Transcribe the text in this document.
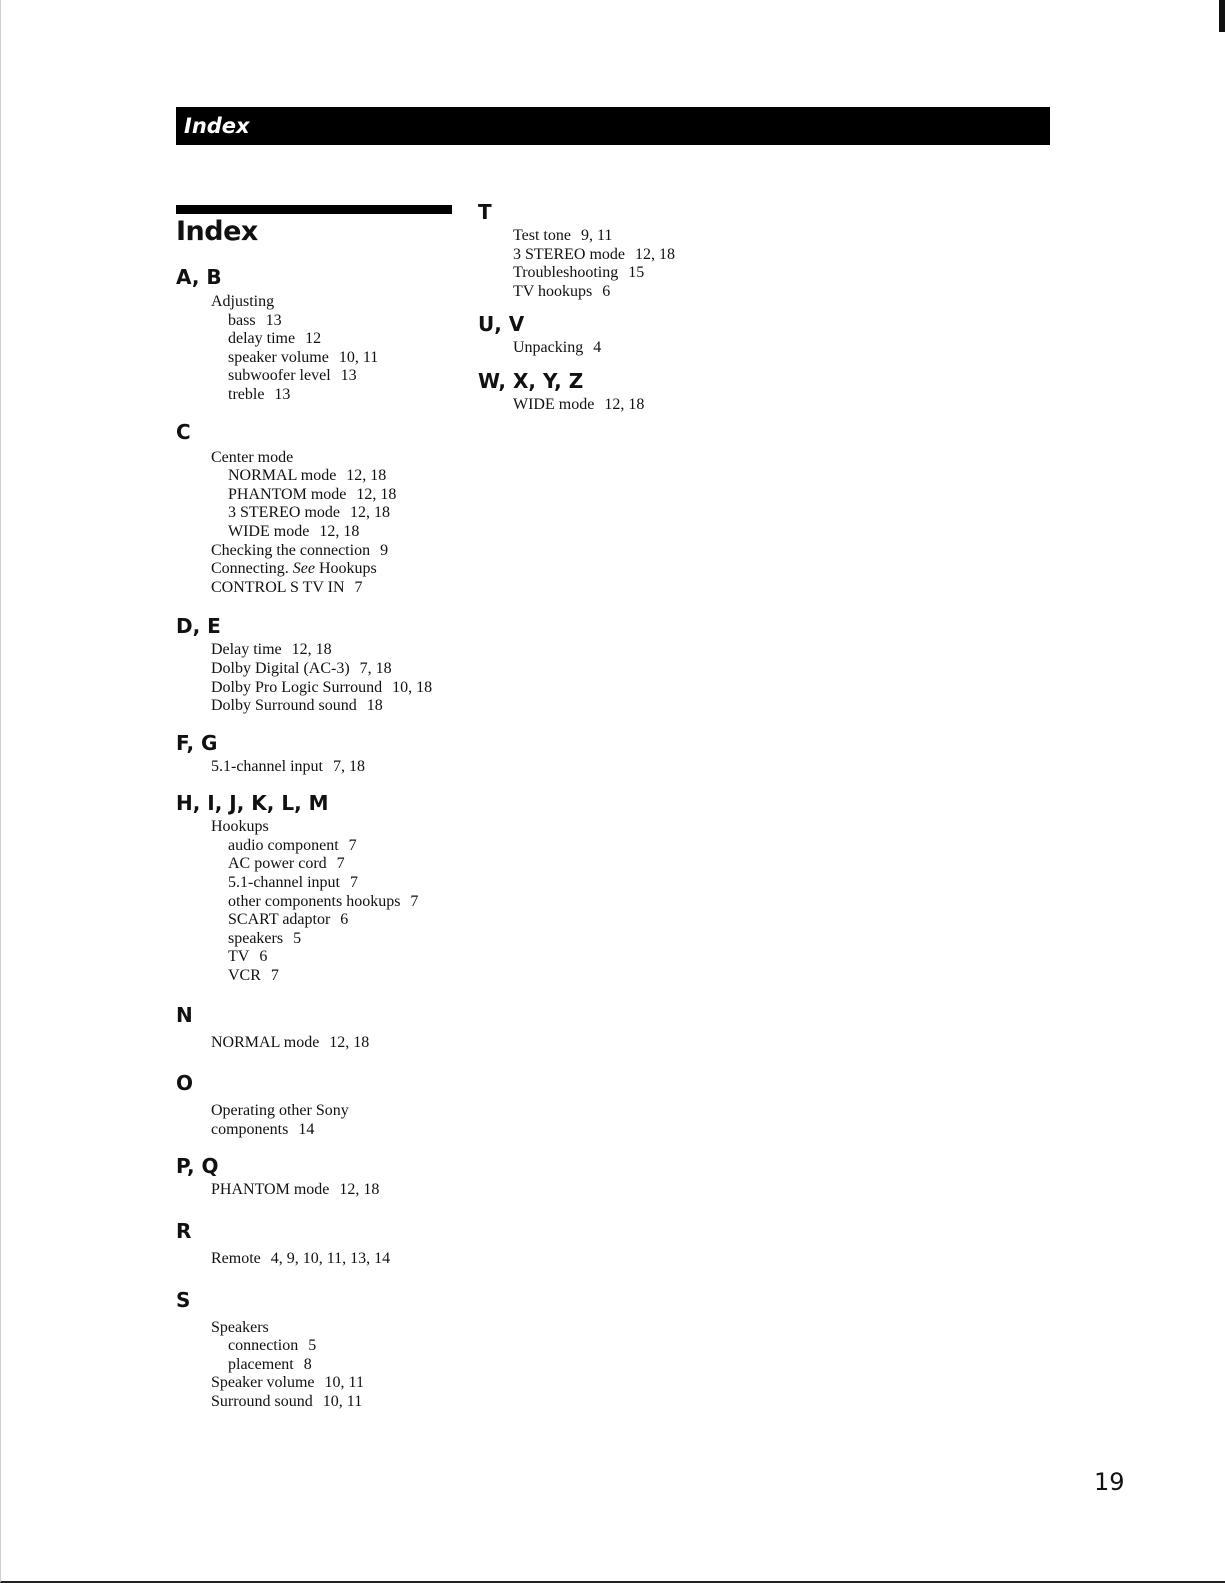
Index
Index
A, B
Adjusting
bass 13
delay time 12
speaker volume 10, 11
subwoofer level 13
treble 13
C
Center mode
NORMAL mode 12, 18
PHANTOM mode 12, 18
3 STEREO mode 12, 18
WIDE mode 12, 18
Checking the connection 9
Connecting. See Hookups
CONTROL S TV IN 7
D, E
Delay time 12, 18
Dolby Digital (AC-3) 7, 18
Dolby Pro Logic Surround 10, 18
Dolby Surround sound 18
F, G
5.1-channel input 7, 18
H, I, J, K, L, M
Hookups
audio component 7
AC power cord 7
5.1-channel input 7
other components hookups 7
SCART adaptor 6
speakers 5
TV 6
VCR 7
N
NORMAL mode 12, 18
O
Operating other Sony components 14
P, Q
PHANTOM mode 12, 18
R
Remote 4, 9, 10, 11, 13, 14
S
Speakers
connection 5
placement 8
Speaker volume 10, 11
Surround sound 10, 11
T
Test tone 9, 11
3 STEREO mode 12, 18
Troubleshooting 15
TV hookups 6
U, V
Unpacking 4
W, X, Y, Z
WIDE mode 12, 18
19
